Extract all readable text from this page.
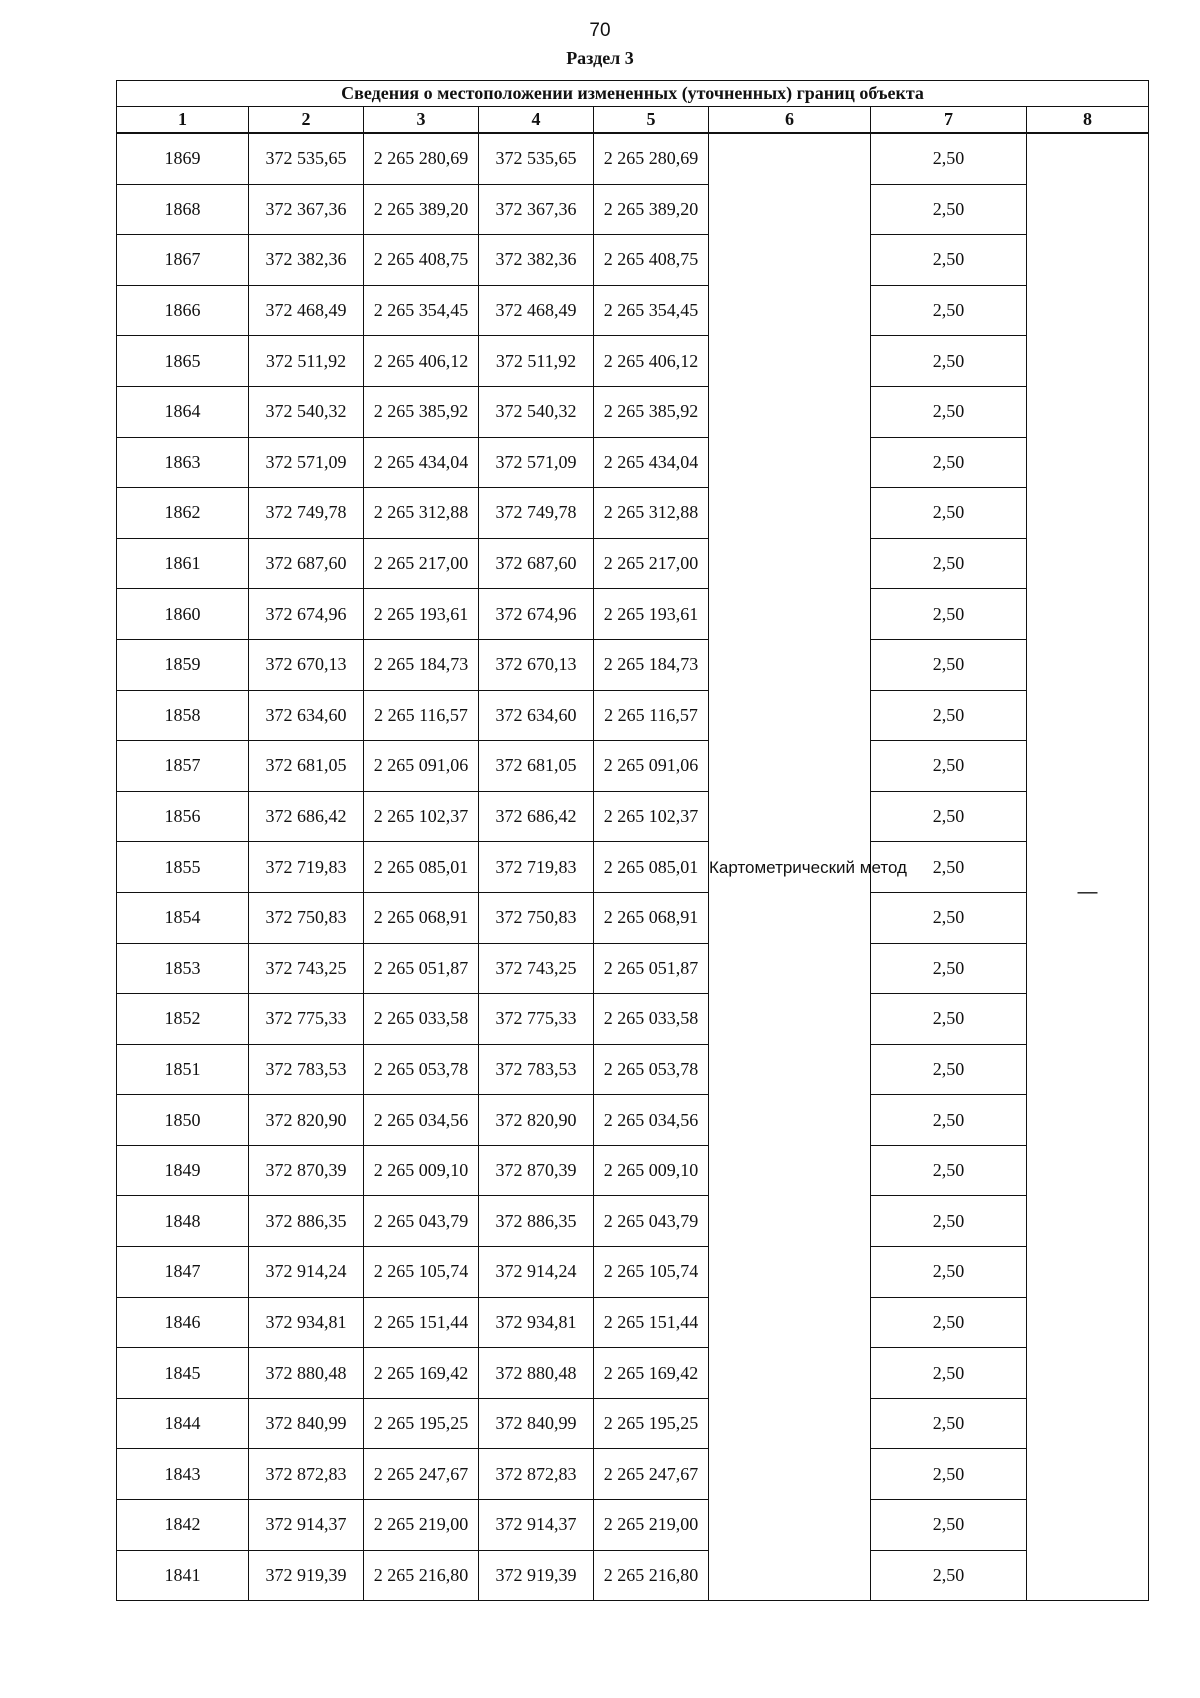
70
Раздел 3
Сведения о местоположении измененных (уточненных) границ объекта							
1	2	3	4	5	6	7	8
1869	372 535,65	2 265 280,69	372 535,65	2 265 280,69	Картометрический метод	2,50	
1868	372 367,36	2 265 389,20	372 367,36	2 265 389,20		2,50	—
1867	372 382,36	2 265 408,75	372 382,36	2 265 408,75		2,50	
1866	372 468,49	2 265 354,45	372 468,49	2 265 354,45		2,50	
1865	372 511,92	2 265 406,12	372 511,92	2 265 406,12		2,50	
1864	372 540,32	2 265 385,92	372 540,32	2 265 385,92		2,50	
1863	372 571,09	2 265 434,04	372 571,09	2 265 434,04		2,50	
1862	372 749,78	2 265 312,88	372 749,78	2 265 312,88		2,50	
1861	372 687,60	2 265 217,00	372 687,60	2 265 217,00		2,50	
1860	372 674,96	2 265 193,61	372 674,96	2 265 193,61		2,50	
1859	372 670,13	2 265 184,73	372 670,13	2 265 184,73		2,50	
1858	372 634,60	2 265 116,57	372 634,60	2 265 116,57		2,50	
1857	372 681,05	2 265 091,06	372 681,05	2 265 091,06		2,50	
1856	372 686,42	2 265 102,37	372 686,42	2 265 102,37		2,50	
1855	372 719,83	2 265 085,01	372 719,83	2 265 085,01		2,50	
1854	372 750,83	2 265 068,91	372 750,83	2 265 068,91		2,50	
1853	372 743,25	2 265 051,87	372 743,25	2 265 051,87		2,50	
1852	372 775,33	2 265 033,58	372 775,33	2 265 033,58		2,50	
1851	372 783,53	2 265 053,78	372 783,53	2 265 053,78		2,50	
1850	372 820,90	2 265 034,56	372 820,90	2 265 034,56		2,50	
1849	372 870,39	2 265 009,10	372 870,39	2 265 009,10		2,50	
1848	372 886,35	2 265 043,79	372 886,35	2 265 043,79		2,50	
1847	372 914,24	2 265 105,74	372 914,24	2 265 105,74		2,50	
1846	372 934,81	2 265 151,44	372 934,81	2 265 151,44		2,50	
1845	372 880,48	2 265 169,42	372 880,48	2 265 169,42		2,50	
1844	372 840,99	2 265 195,25	372 840,99	2 265 195,25		2,50	
1843	372 872,83	2 265 247,67	372 872,83	2 265 247,67		2,50	
1842	372 914,37	2 265 219,00	372 914,37	2 265 219,00		2,50	
1841	372 919,39	2 265 216,80	372 919,39	2 265 216,80		2,50	
